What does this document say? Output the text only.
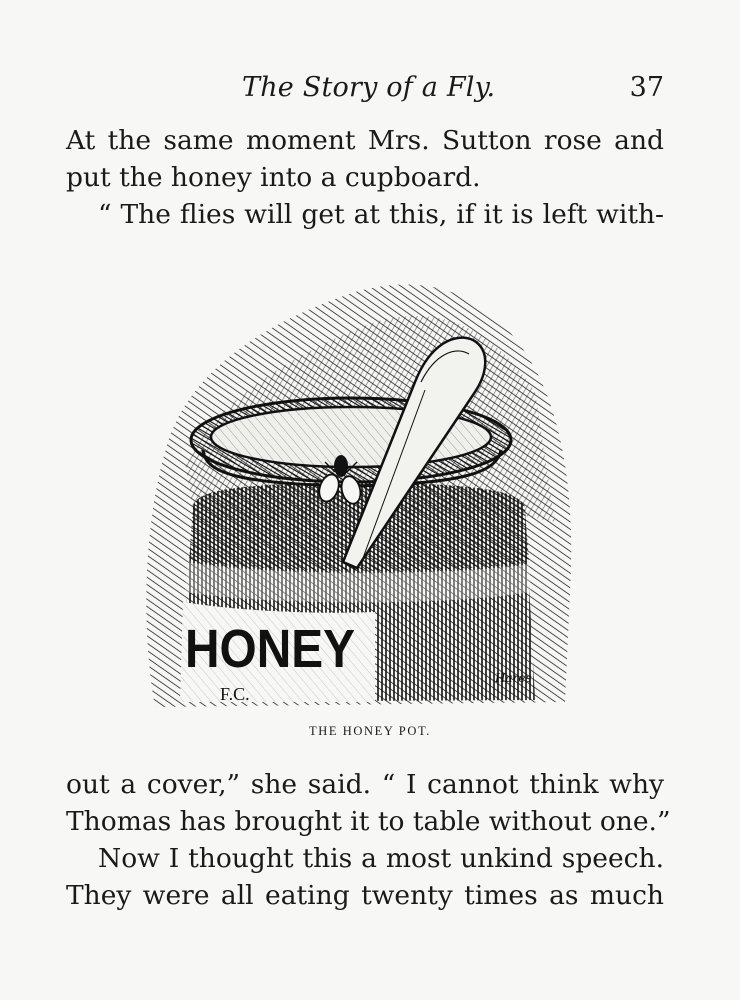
The Story of a Fly.	37
At the same moment Mrs. Sutton rose and
put the honey into a cupboard.
“ The flies will get at this, if it is left with-
HONEY
F.C.
Hares
THE HONEY POT.
out a cover,” she said. “ I cannot think why
Thomas has brought it to table without one.”
Now I thought this a most unkind speech.
They were all eating twenty times as much
